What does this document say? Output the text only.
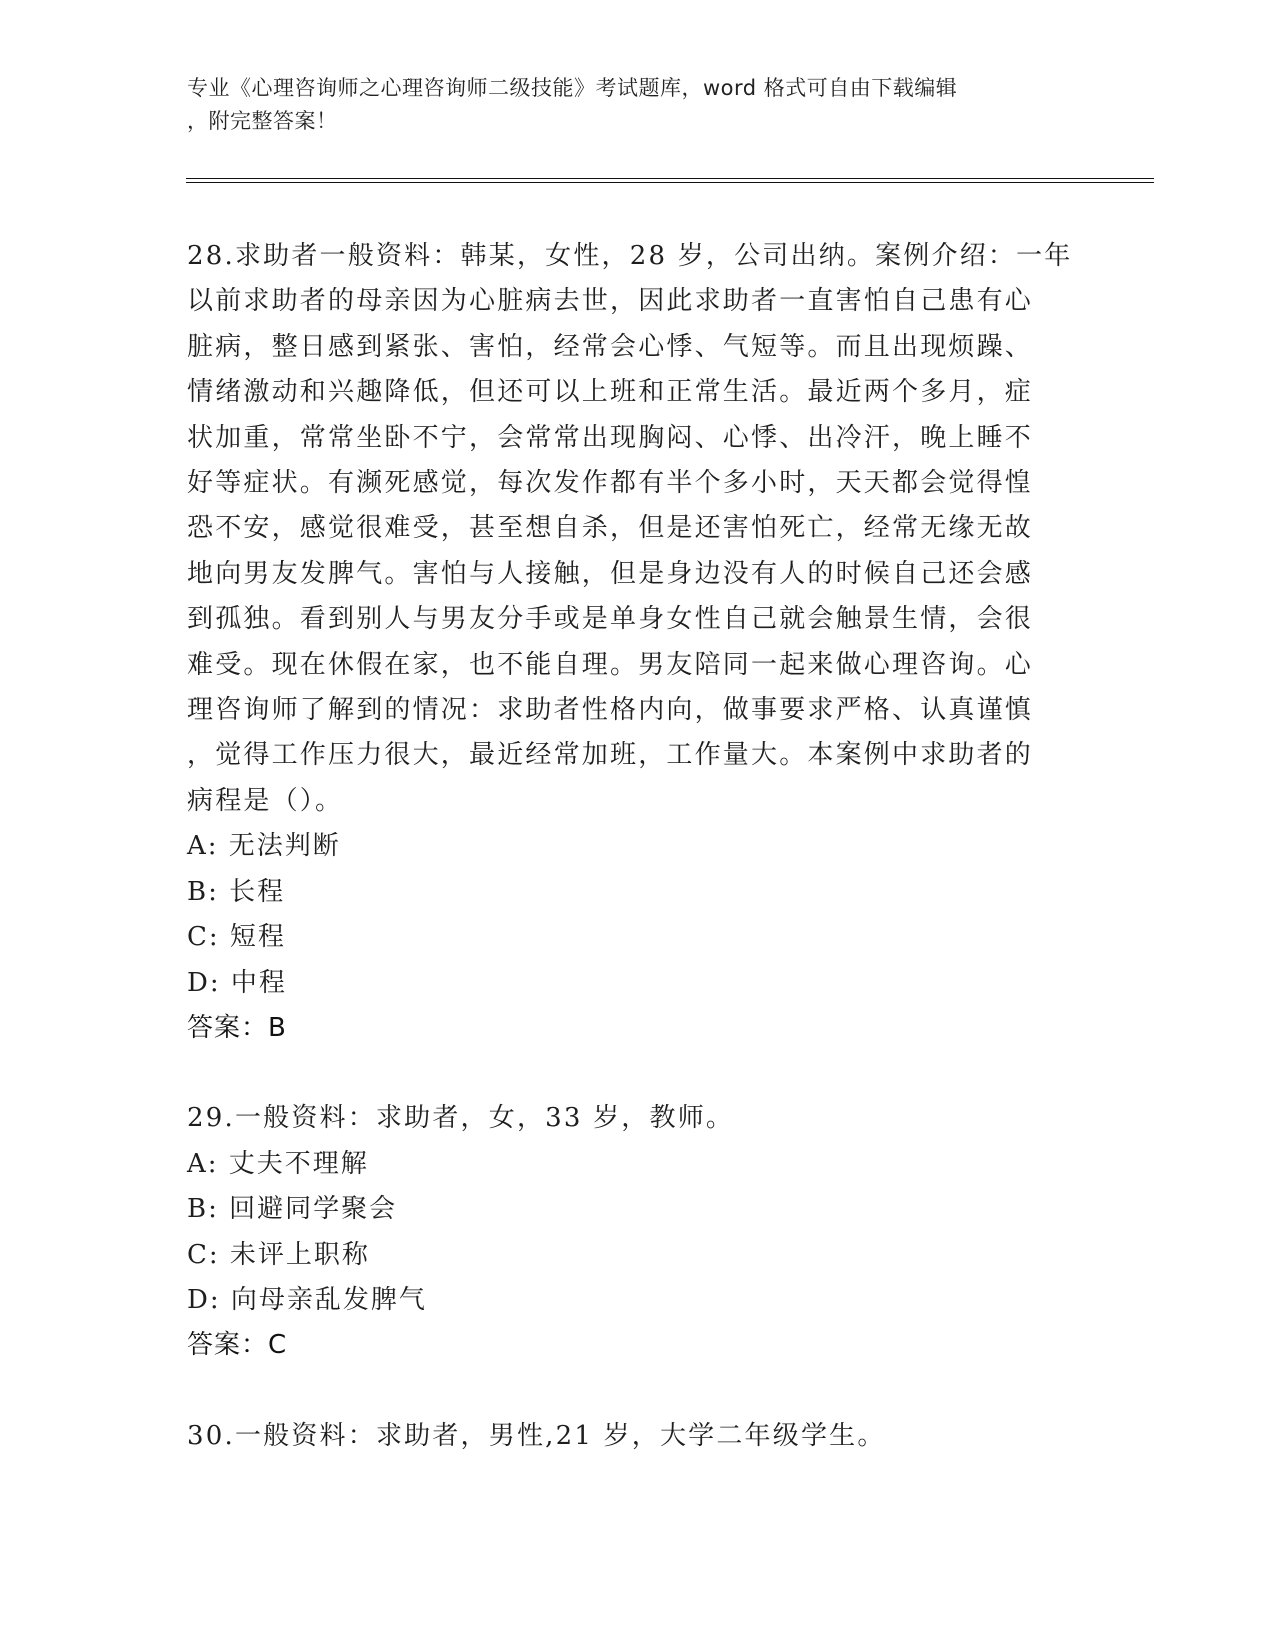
专业《心理咨询师之心理咨询师二级技能》考试题库，word 格式可自由下载编辑
，附完整答案！

28.求助者一般资料：韩某，女性，28 岁，公司出纳。案例介绍：一年

以前求助者的母亲因为心脏病去世，因此求助者一直害怕自己患有心

脏病，整日感到紧张、害怕，经常会心悸、气短等。而且出现烦躁、

情绪激动和兴趣降低，但还可以上班和正常生活。最近两个多月，症

状加重，常常坐卧不宁，会常常出现胸闷、心悸、出冷汗，晚上睡不

好等症状。有濒死感觉，每次发作都有半个多小时，天天都会觉得惶

恐不安，感觉很难受，甚至想自杀，但是还害怕死亡，经常无缘无故

地向男友发脾气。害怕与人接触，但是身边没有人的时候自己还会感

到孤独。看到别人与男友分手或是单身女性自己就会触景生情，会很

难受。现在休假在家，也不能自理。男友陪同一起来做心理咨询。心

理咨询师了解到的情况：求助者性格内向，做事要求严格、认真谨慎

，觉得工作压力很大，最近经常加班，工作量大。本案例中求助者的

病程是（）。

A: 无法判断

B: 长程

C: 短程

D: 中程

答案：B

29.一般资料：求助者，女，33 岁，教师。

A: 丈夫不理解

B: 回避同学聚会

C: 未评上职称

D: 向母亲乱发脾气

答案：C

30.一般资料：求助者，男性,21 岁，大学二年级学生。
